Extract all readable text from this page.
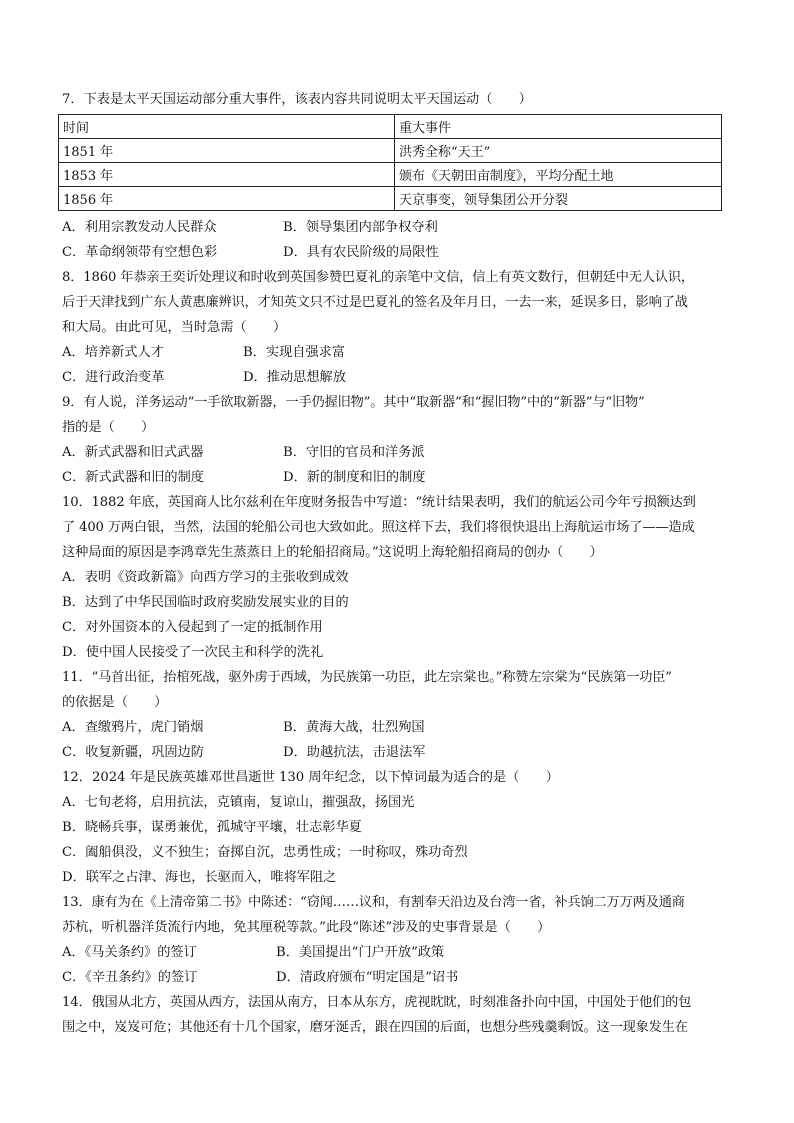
7．下表是太平天国运动部分重大事件，该表内容共同说明太平天国运动（　　）
时间	重大事件
1851 年	洪秀全称“天王”
1853 年	颁布《天朝田亩制度》，平均分配土地
1856 年	天京事变，领导集团公开分裂
A．利用宗教发动人民群众	B．领导集团内部争权夺利
C．革命纲领带有空想色彩	D．具有农民阶级的局限性
8．1860 年恭亲王奕䜣处理议和时收到英国参赞巴夏礼的亲笔中文信，信上有英文数行，但朝廷中无人认识，
后于天津找到广东人黄惠廉辨识，才知英文只不过是巴夏礼的签名及年月日，一去一来，延误多日，影响了战
和大局。由此可见，当时急需（　　）
A．培养新式人才	B．实现自强求富
C．进行政治变革	D．推动思想解放
9．有人说，洋务运动“一手欲取新器，一手仍握旧物”。其中“取新器”和“握旧物”中的“新器”与“旧物”
指的是（　　）
A．新式武器和旧式武器	B．守旧的官员和洋务派
C．新式武器和旧的制度	D．新的制度和旧的制度
10．1882 年底，英国商人比尔兹利在年度财务报告中写道：“统计结果表明，我们的航运公司今年亏损额达到
了 400 万两白银，当然，法国的轮船公司也大致如此。照这样下去，我们将很快退出上海航运市场了——造成
这种局面的原因是李鸿章先生蒸蒸日上的轮船招商局。”这说明上海轮船招商局的创办（　　）
A．表明《资政新篇》向西方学习的主张收到成效
B．达到了中华民国临时政府奖励发展实业的目的
C．对外国资本的入侵起到了一定的抵制作用
D．使中国人民接受了一次民主和科学的洗礼
11．“马首出征，抬棺死战，驱外虏于西域，为民族第一功臣，此左宗棠也。”称赞左宗棠为“民族第一功臣”
的依据是（　　）
A．查缴鸦片，虎门销烟	B．黄海大战，壮烈殉国
C．收复新疆，巩固边防	D．助越抗法，击退法军
12．2024 年是民族英雄邓世昌逝世 130 周年纪念，以下悼词最为适合的是（　　）
A．七旬老将，启用抗法，克镇南，复谅山，摧强敌，扬国光
B．晓畅兵事，谋勇兼优，孤城守平壤，壮志彰华夏
C．阖船俱没，义不独生；奋掷自沉，忠勇性成；一时称叹，殊功奇烈
D．联军之占津、海也，长驱而入，唯将军阻之
13．康有为在《上清帝第二书》中陈述：“窃闻……议和，有割奉天沿边及台湾一省，补兵饷二万万两及通商
苏杭，听机器洋货流行内地，免其厘税等款。”此段“陈述”涉及的史事背景是（　　）
A．《马关条约》的签订	B．美国提出“门户开放”政策
C．《辛丑条约》的签订	D．清政府颁布“明定国是”诏书
14．俄国从北方，英国从西方，法国从南方，日本从东方，虎视眈眈，时刻准备扑向中国，中国处于他们的包
围之中，岌岌可危；其他还有十几个国家，磨牙涎舌，跟在四国的后面，也想分些残羹剩饭。这一现象发生在
